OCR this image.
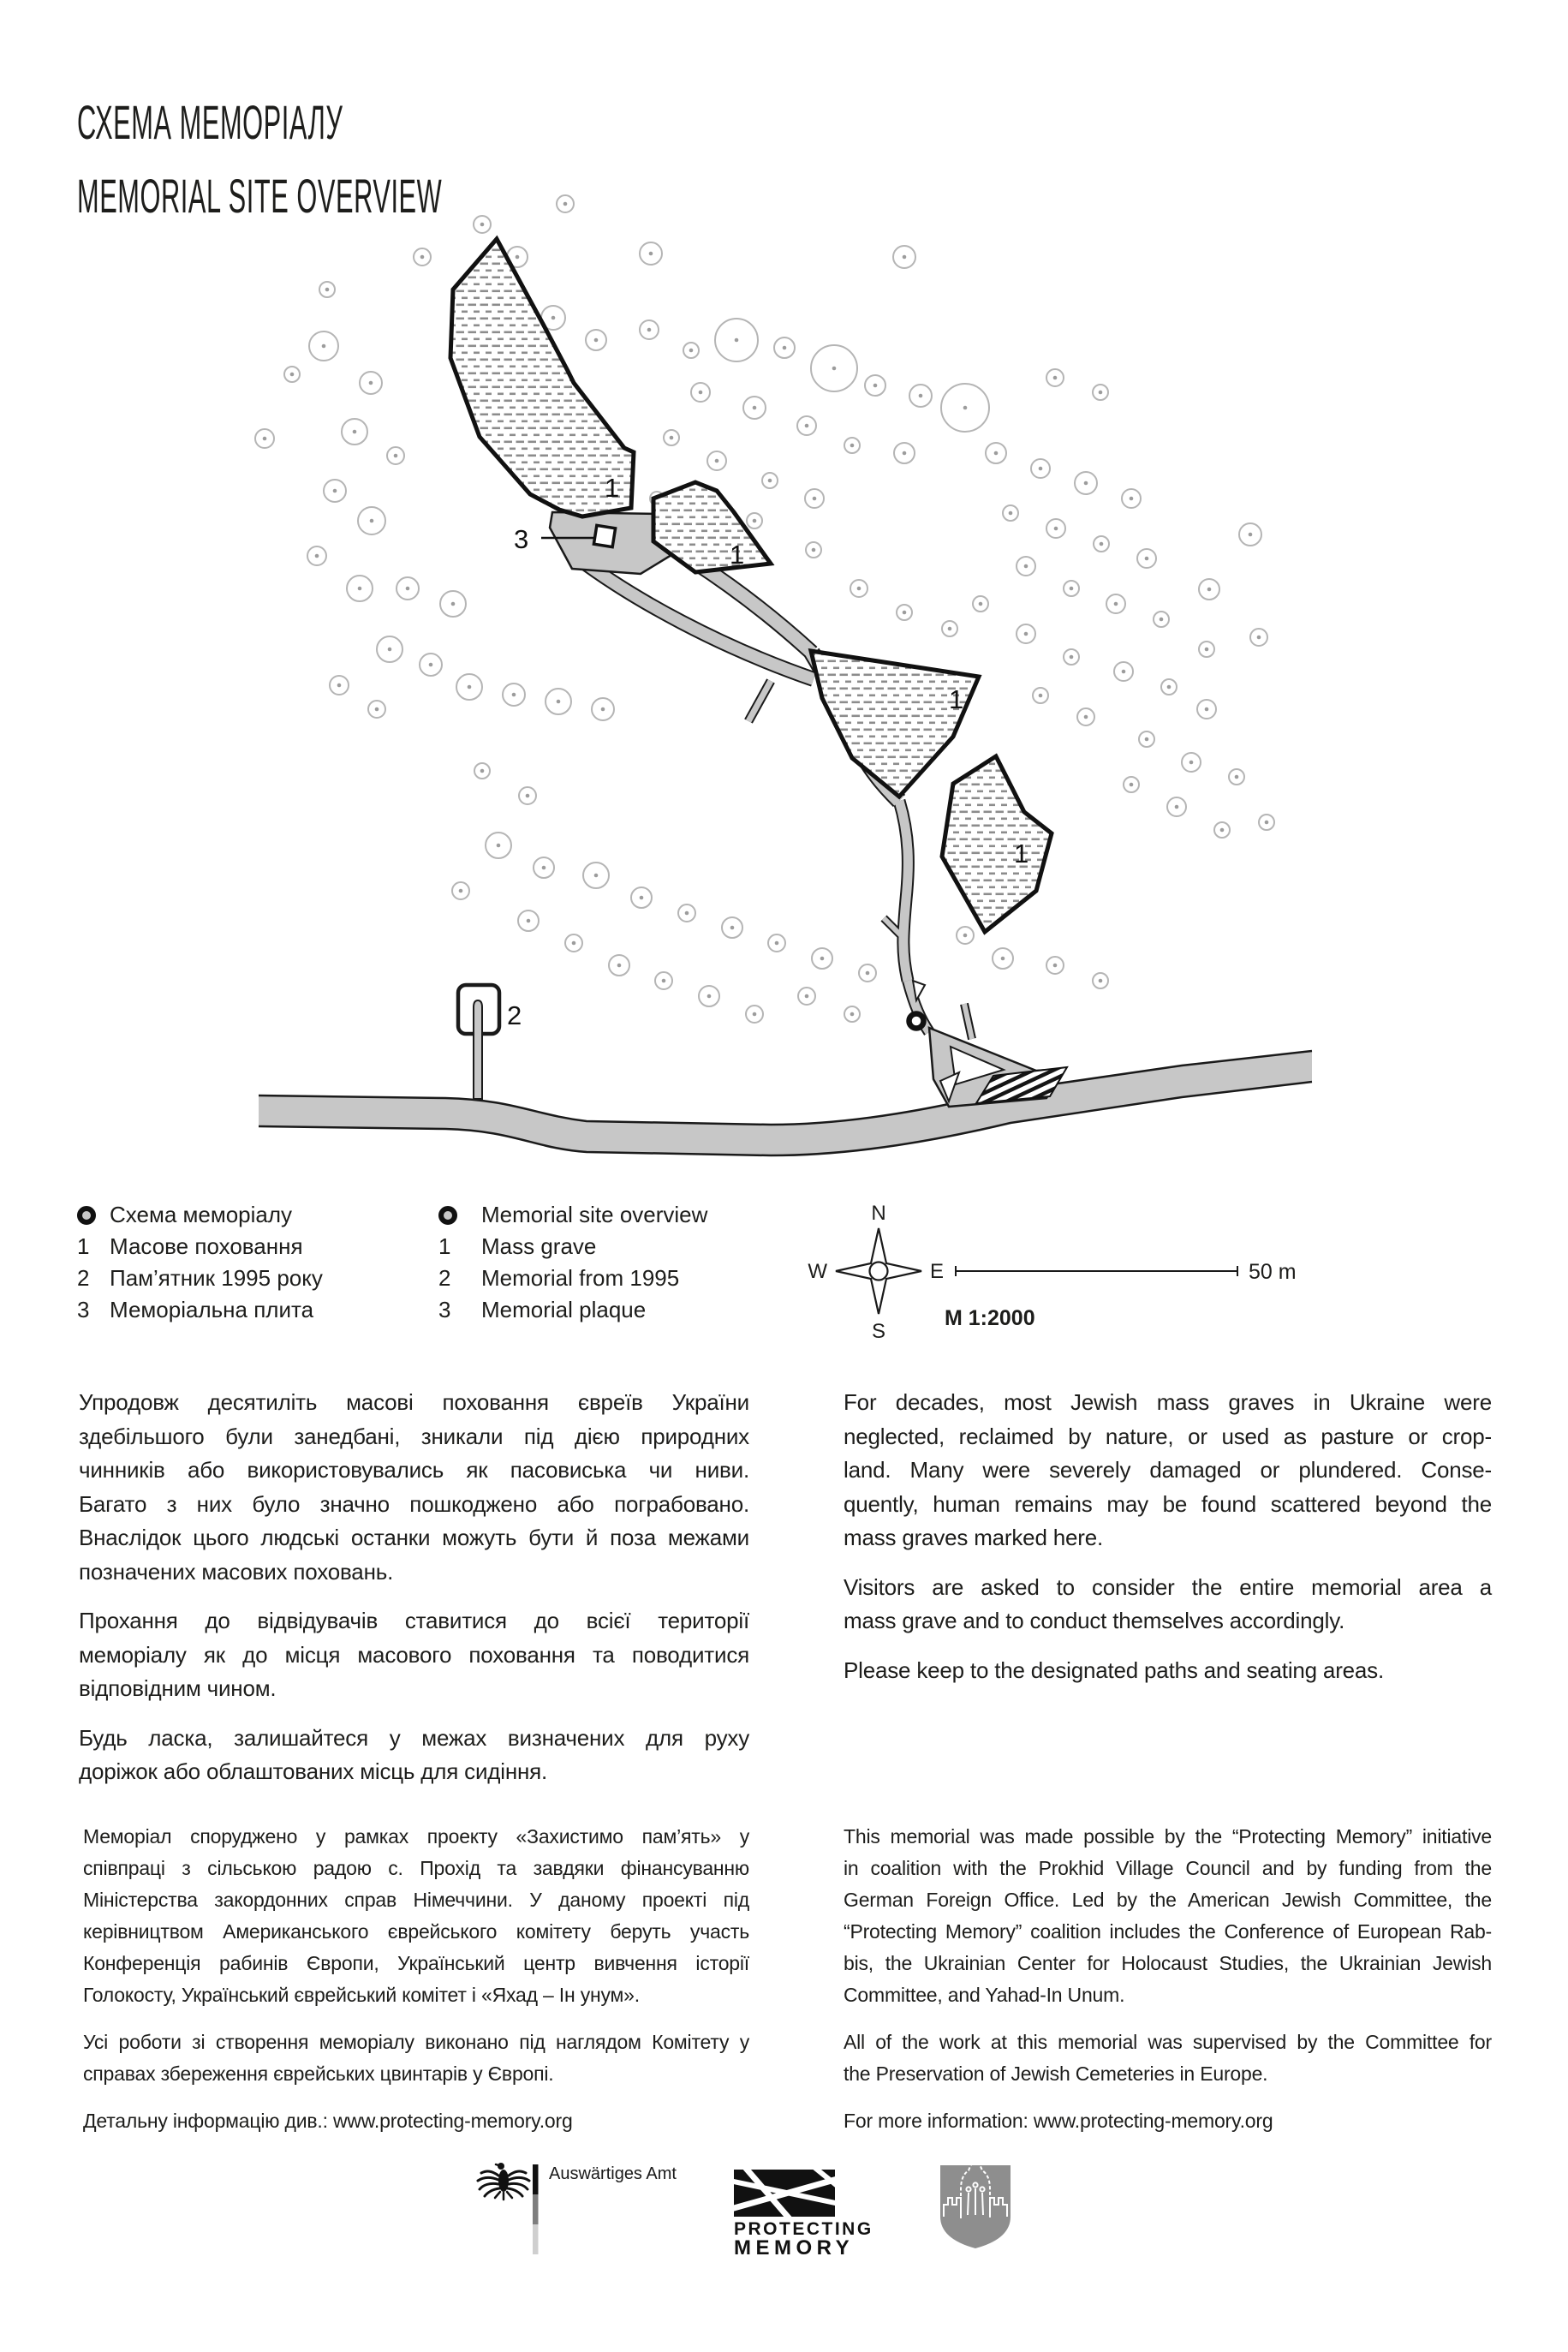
1
1
1
1
3
2
N
S
W	E	50 m
M 1:2000
Auswärtiges Amt
PROTECTING
MEMORY
СХЕМА МЕМОРІАЛУ
MEMORIAL SITE OVERVIEW
Схема меморіалу
1 Масове поховання
2 Пам’ятник 1995 року
3 Меморіальна плита
Memorial site overview
1	Mass grave
2	Memorial from 1995
3	Memorial plaque
Упродовж десятиліть масові поховання євреїв України
здебільшого були занедбані, зникали під дією природних
чинників або використовувались як пасовиська чи ниви.
Багато з них було значно пошкоджено або пограбовано.
Внаслідок цього людські останки можуть бути й поза межами
позначених масових поховань.
Прохання до відвідувачів ставитися до всієї території
меморіалу як до місця масового поховання та поводитися
відповідним чином.
Будь ласка, залишайтеся у межах визначених для руху
доріжок або облаштованих місць для сидіння.
For decades, most Jewish mass graves in Ukraine were
neglected, reclaimed by nature, or used as pasture or crop-
land. Many were severely damaged or plundered. Conse-
quently, human remains may be found scattered beyond the
mass graves marked here.
Visitors are asked to consider the entire memorial area a
mass grave and to conduct themselves accordingly.
Please keep to the designated paths and seating areas.
Меморіал споруджено у рамках проекту «Захистимо пам’ять» у
співпраці з сільською радою с. Прохід та завдяки фінансуванню
Міністерства закордонних справ Німеччини. У даному проекті під
керівництвом Американського єврейського комітету беруть участь
Конференція рабинів Європи, Український центр вивчення історії
Голокосту, Український єврейський комітет і «Яхад – Ін унум».
Усі роботи зі створення меморіалу виконано під наглядом Комітету у
справах збереження єврейських цвинтарів у Європі.
Детальну інформацію див.: www.protecting-memory.org
This memorial was made possible by the “Protecting Memory” initiative
in coalition with the Prokhid Village Council and by funding from the
German Foreign Office. Led by the American Jewish Committee, the
“Protecting Memory” coalition includes the Conference of European Rab-
bis, the Ukrainian Center for Holocaust Studies, the Ukrainian Jewish
Committee, and Yahad-In Unum.
All of the work at this memorial was supervised by the Committee for
the Preservation of Jewish Cemeteries in Europe.
For more information: www.protecting-memory.org
